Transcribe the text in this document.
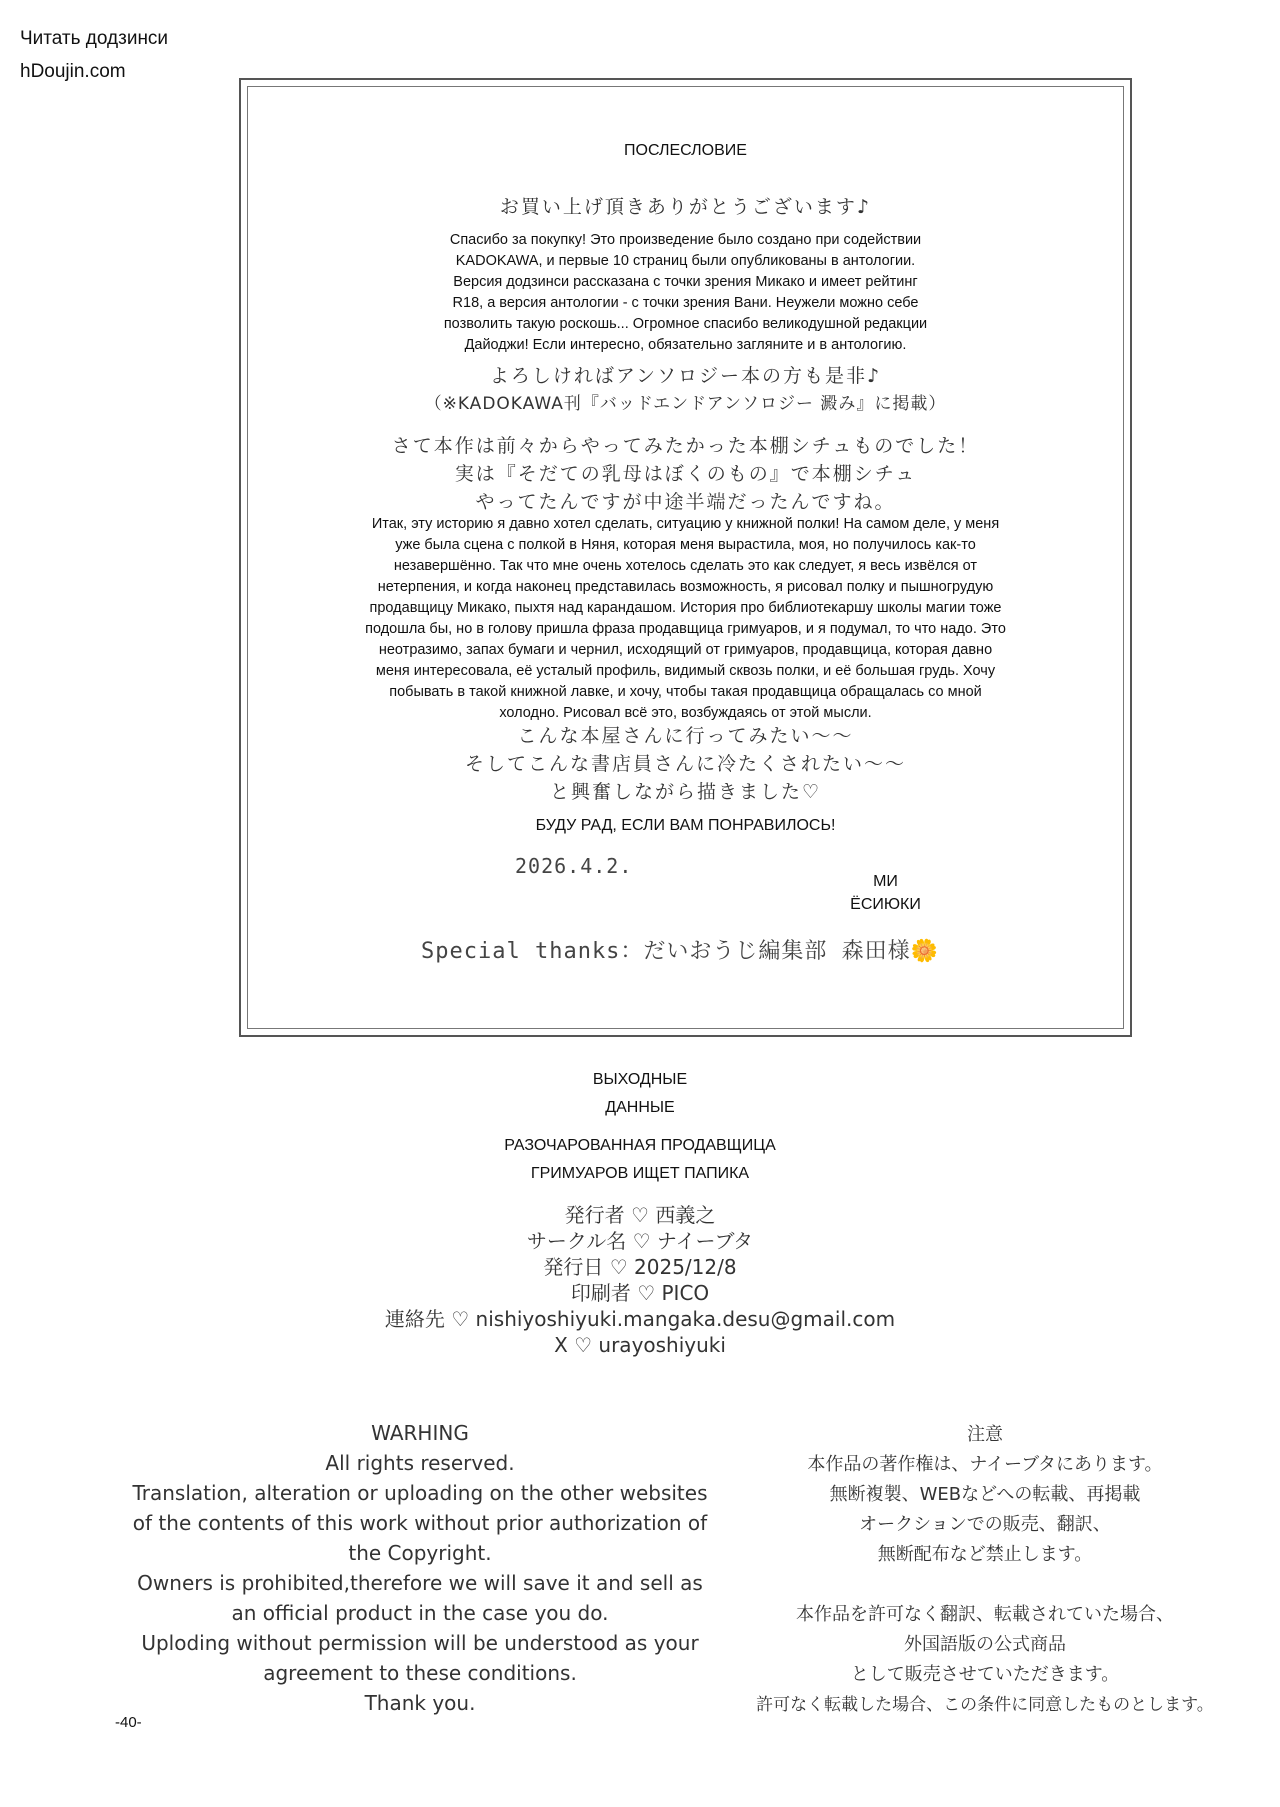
Читать додзинси
hDoujin.com
ПОСЛЕСЛОВИЕ
お買い上げ頂きありがとうございます♪
Спасибо за покупку! Это произведение было создано при содействии
KADOKAWA, и первые 10 страниц были опубликованы в антологии.
Версия додзинси рассказана с точки зрения Микако и имеет рейтинг
R18, а версия антологии - с точки зрения Вани. Неужели можно себе
позволить такую роскошь... Огромное спасибо великодушной редакции
Дайоджи! Если интересно, обязательно загляните и в антологию.
よろしければアンソロジー本の方も是非♪
（※KADOKAWA刊『バッドエンドアンソロジー 澱み』に掲載）
さて本作は前々からやってみたかった本棚シチュものでした！
実は『そだての乳母はぼくのもの』で本棚シチュ
やってたんですが中途半端だったんですね。
Итак, эту историю я давно хотел сделать, ситуацию у книжной полки! На самом деле, у меня
уже была сцена с полкой в Няня, которая меня вырастила, моя, но получилось как-то
незавершённо. Так что мне очень хотелось сделать это как следует, я весь извёлся от
нетерпения, и когда наконец представилась возможность, я рисовал полку и пышногрудую
продавщицу Микако, пыхтя над карандашом. История про библиотекаршу школы магии тоже
подошла бы, но в голову пришла фраза продавщица гримуаров, и я подумал, то что надо. Это
неотразимо, запах бумаги и чернил, исходящий от гримуаров, продавщица, которая давно
меня интересовала, её усталый профиль, видимый сквозь полки, и её большая грудь. Хочу
побывать в такой книжной лавке, и хочу, чтобы такая продавщица обращалась со мной
холодно. Рисовал всё это, возбуждаясь от этой мысли.
こんな本屋さんに行ってみたい～～
そしてこんな書店員さんに冷たくされたい～～
と興奮しながら描きました♡
БУДУ РАД, ЕСЛИ ВАМ ПОНРАВИЛОСЬ!
2026.4.2.
МИ
ЁСИЮКИ
Special thanks：だいおうじ編集部 森田様🌼
ВЫХОДНЫЕ
ДАННЫЕ
РАЗОЧАРОВАННАЯ ПРОДАВЩИЦА
ГРИМУАРОВ ИЩЕТ ПАПИКА
発行者 ♡ 西義之
サークル名 ♡ ナイーブタ
発行日 ♡ 2025/12/8
印刷者 ♡ PICO
連絡先 ♡ nishiyoshiyuki.mangaka.desu@gmail.com
X ♡ urayoshiyuki
WARHING
All rights reserved.
Translation, alteration or uploading on the other websites
of the contents of this work without prior authorization of
the Copyright.
Owners is prohibited,therefore we will save it and sell as
an official product in the case you do.
Uploding without permission will be understood as your
agreement to these conditions.
Thank you.
注意
本作品の著作権は、ナイーブタにあります。
無断複製、WEBなどへの転載、再掲載
オークションでの販売、翻訳、
無断配布など禁止します。
本作品を許可なく翻訳、転載されていた場合、
外国語版の公式商品
として販売させていただきます。
許可なく転載した場合、この条件に同意したものとします。
-40-
